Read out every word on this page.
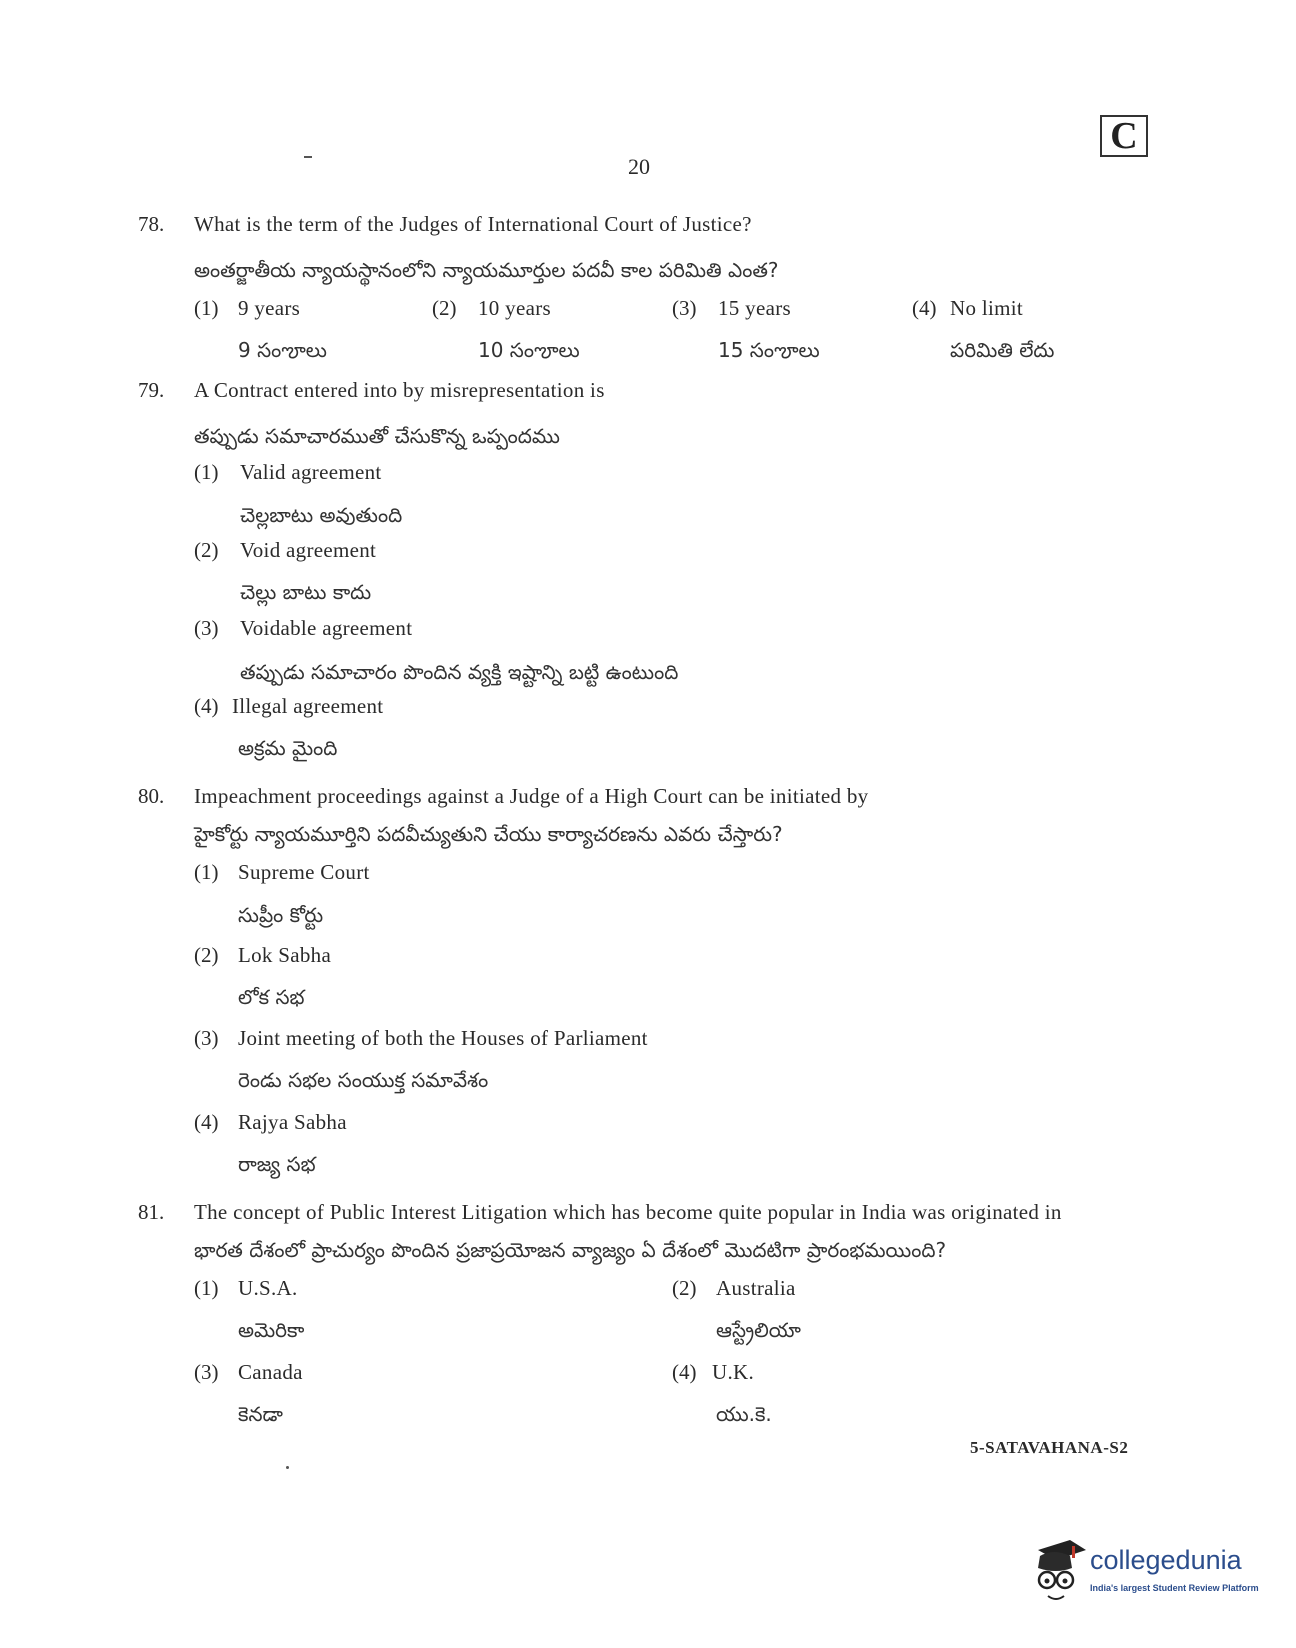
C
20
78. What is the term of the Judges of International Court of Justice?
అంతర్జాతీయ న్యాయస్థానంలోని న్యాయమూర్తుల పదవీ కాల పరిమితి ఎంత?
(1) 9 years
9 సంౡలు
(2) 10 years
10 సంౡలు
(3) 15 years
15 సంౡలు
(4) No limit
పరిమితి లేదు
79. A Contract entered into by misrepresentation is
తప్పుడు సమాచారముతో చేసుకొన్న ఒప్పందము
(1) Valid agreement
చెల్లబాటు అవుతుంది
(2) Void agreement
చెల్లు బాటు కాదు
(3) Voidable agreement
తప్పుడు సమాచారం పొందిన వ్యక్తి ఇష్టాన్ని బట్టి ఉంటుంది
(4) Illegal agreement
అక్రమ మైంది
80. Impeachment proceedings against a Judge of a High Court can be initiated by
హైకోర్టు న్యాయమూర్తిని పదవీచ్యుతుని చేయు కార్యాచరణను ఎవరు చేస్తారు?
(1) Supreme Court
సుప్రీం కోర్టు
(2) Lok Sabha
లోక సభ
(3) Joint meeting of both the Houses of Parliament
రెండు సభల సంయుక్త సమావేశం
(4) Rajya Sabha
రాజ్య సభ
81. The concept of Public Interest Litigation which has become quite popular in India was originated in
భారత దేశంలో ప్రాచుర్యం పొందిన ప్రజాప్రయోజన వ్యాజ్యం ఏ దేశంలో మొదటిగా ప్రారంభమయింది?
(1) U.S.A.
అమెరికా
(2) Australia
ఆస్ట్రేలియా
(3) Canada
కెనడా
(4) U.K.
యు.కె.
5-SATAVAHANA-S2
collegedunia
India's largest Student Review Platform
